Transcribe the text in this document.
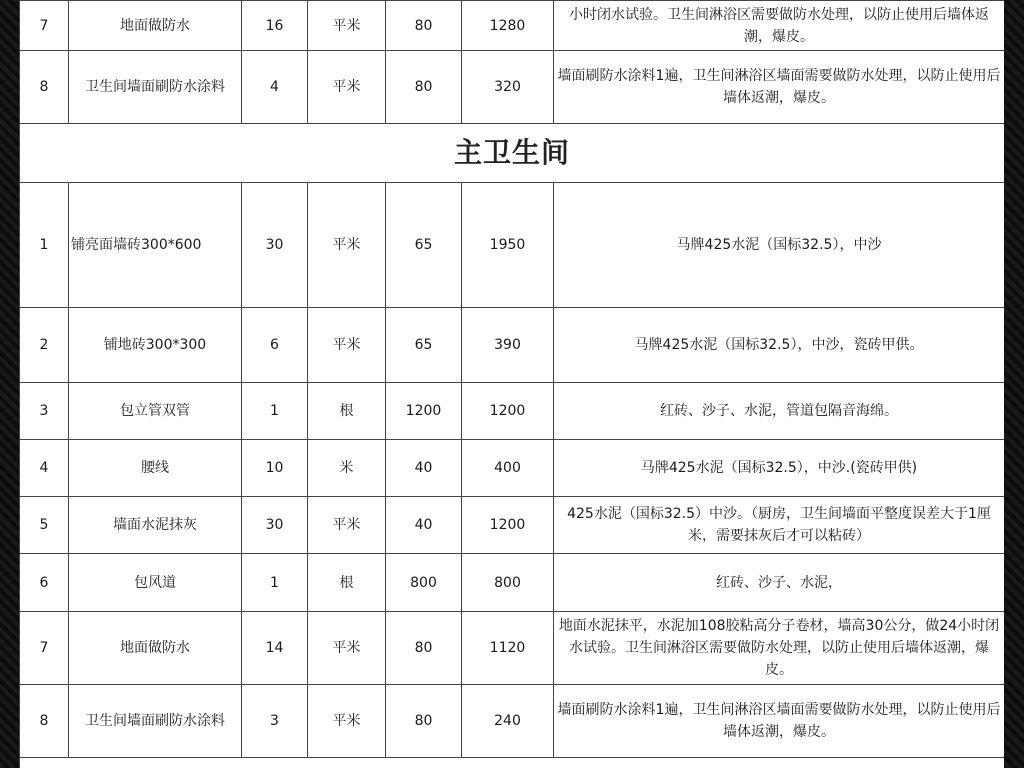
7	地面做防水	16	平米	80	1280	小时闭水试验。卫生间淋浴区需要做防水处理，以防止使用后墙体返潮，爆皮。
8	卫生间墙面刷防水涂料	4	平米	80	320	墙面刷防水涂料1遍，卫生间淋浴区墙面需要做防水处理，以防止使用后墙体返潮，爆皮。
主卫生间						
1	铺亮面墙砖300*600	30	平米	65	1950	马牌425水泥（国标32.5），中沙
2	铺地砖300*300	6	平米	65	390	马牌425水泥（国标32.5），中沙，瓷砖甲供。
3	包立管双管	1	根	1200	1200	红砖、沙子、水泥，管道包隔音海绵。
4	腰线	10	米	40	400	马牌425水泥（国标32.5），中沙.(瓷砖甲供)
5	墙面水泥抹灰	30	平米	40	1200	425水泥（国标32.5）中沙。（厨房，卫生间墙面平整度误差大于1厘米，需要抹灰后才可以粘砖）
6	包风道	1	根	800	800	红砖、沙子、水泥，
7	地面做防水	14	平米	80	1120	地面水泥抹平，水泥加108胶粘高分子卷材，墙高30公分，做24小时闭水试验。卫生间淋浴区需要做防水处理，以防止使用后墙体返潮，爆皮。
8	卫生间墙面刷防水涂料	3	平米	80	240	墙面刷防水涂料1遍，卫生间淋浴区墙面需要做防水处理，以防止使用后墙体返潮，爆皮。
